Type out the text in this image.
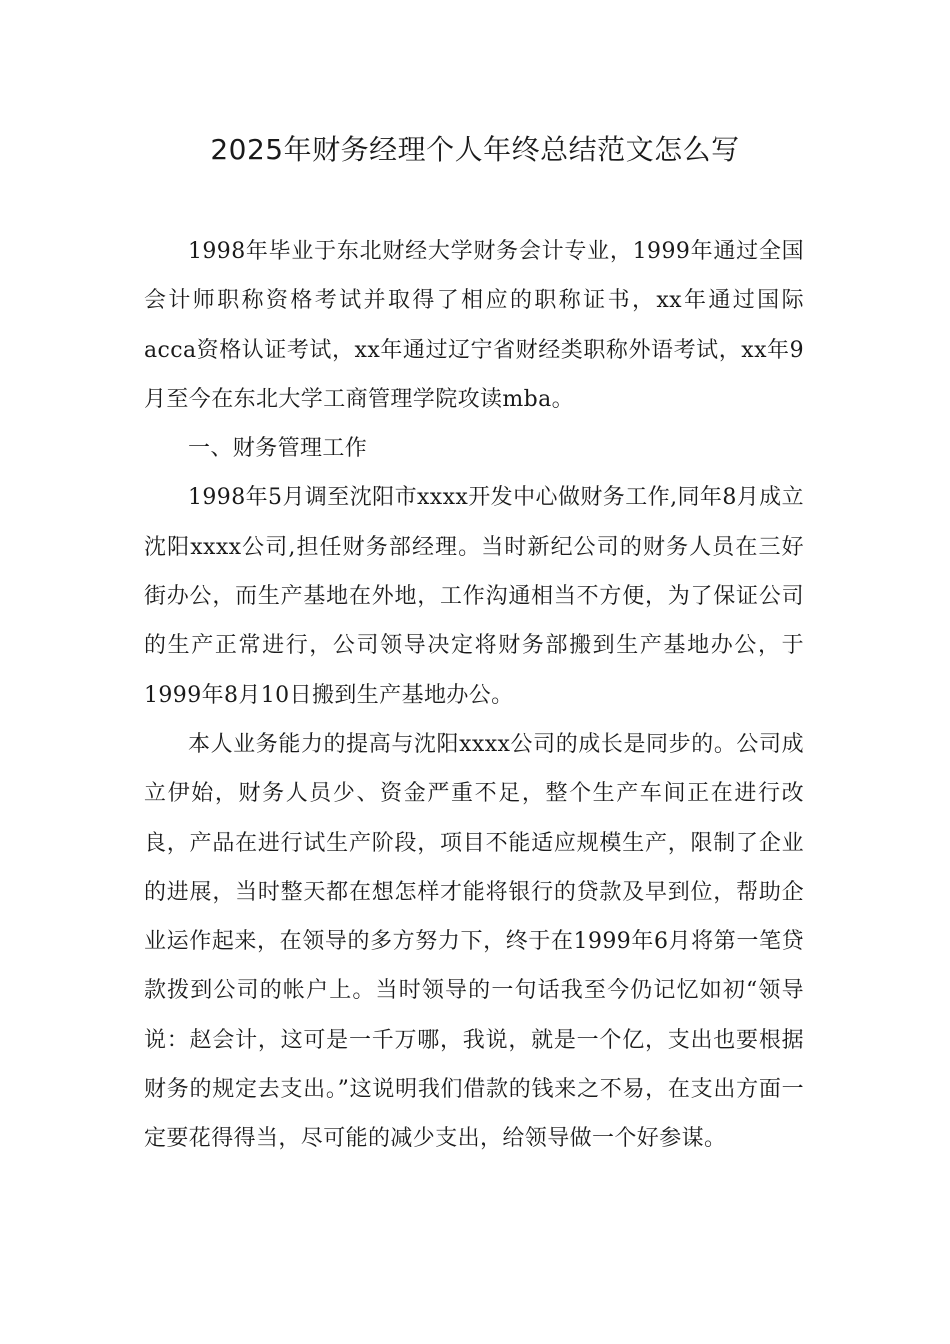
2025年财务经理个人年终总结范文怎么写

1998年毕业于东北财经大学财务会计专业，1999年通过全国会计师职称资格考试并取得了相应的职称证书，xx年通过国际acca资格认证考试，xx年通过辽宁省财经类职称外语考试，xx年9月至今在东北大学工商管理学院攻读mba。

一、财务管理工作

1998年5月调至沈阳市xxxx开发中心做财务工作,同年8月成立沈阳xxxx公司,担任财务部经理。当时新纪公司的财务人员在三好街办公，而生产基地在外地，工作沟通相当不方便，为了保证公司的生产正常进行，公司领导决定将财务部搬到生产基地办公，于1999年8月10日搬到生产基地办公。

本人业务能力的提高与沈阳xxxx公司的成长是同步的。公司成立伊始，财务人员少、资金严重不足，整个生产车间正在进行改良，产品在进行试生产阶段，项目不能适应规模生产，限制了企业的进展，当时整天都在想怎样才能将银行的贷款及早到位，帮助企业运作起来，在领导的多方努力下，终于在1999年6月将第一笔贷款拨到公司的帐户上。当时领导的一句话我至今仍记忆如初“领导说：赵会计，这可是一千万哪，我说，就是一个亿，支出也要根据财务的规定去支出。”这说明我们借款的钱来之不易，在支出方面一定要花得得当，尽可能的减少支出，给领导做一个好参谋。
